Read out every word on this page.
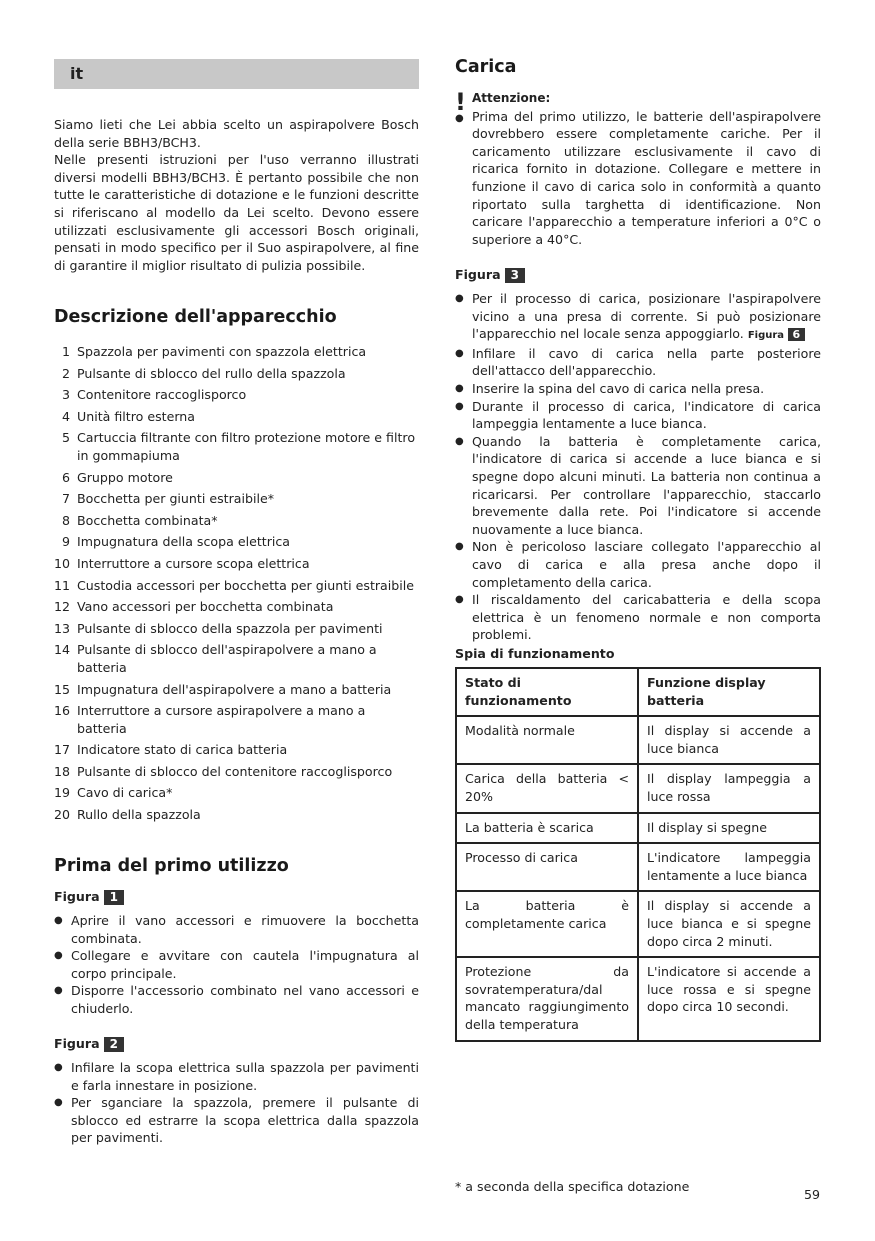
it

Siamo lieti che Lei abbia scelto un aspirapolvere Bosch della serie BBH3/BCH3.

Nelle presenti istruzioni per l'uso verranno illustrati diversi modelli BBH3/BCH3. È pertanto possibile che non tutte le caratteristiche di dotazione e le funzioni descritte si riferiscano al modello da Lei scelto. Devono essere utilizzati esclusivamente gli accessori Bosch originali, pensati in modo specifico per il Suo aspirapolvere, al fine di garantire il miglior risultato di pulizia possibile.

Descrizione dell'apparecchio
1 Spazzola per pavimenti con spazzola elettrica
2 Pulsante di sblocco del rullo della spazzola
3 Contenitore raccoglisporco
4 Unità filtro esterna
5 Cartuccia filtrante con filtro protezione motore e filtro in gommapiuma
6 Gruppo motore
7 Bocchetta per giunti estraibile*
8 Bocchetta combinata*
9 Impugnatura della scopa elettrica
10 Interruttore a cursore scopa elettrica
11 Custodia accessori per bocchetta per giunti estraibile
12 Vano accessori per bocchetta combinata
13 Pulsante di sblocco della spazzola per pavimenti
14 Pulsante di sblocco dell'aspirapolvere a mano a batteria
15 Impugnatura dell'aspirapolvere a mano a batteria
16 Interruttore a cursore aspirapolvere a mano a batteria
17 Indicatore stato di carica batteria
18 Pulsante di sblocco del contenitore raccoglisporco
19 Cavo di carica*
20 Rullo della spazzola
Prima del primo utilizzo
Figura 1
● Aprire il vano accessori e rimuovere la bocchetta combinata.
● Collegare e avvitare con cautela l'impugnatura al corpo principale.
● Disporre l'accessorio combinato nel vano accessori e chiuderlo.
Figura 2
● Infilare la scopa elettrica sulla spazzola per pavimenti e farla innestare in posizione.
● Per sganciare la spazzola, premere il pulsante di sblocco ed estrarre la scopa elettrica dalla spazzola per pavimenti.
Carica
!
●
Attenzione:
Prima del primo utilizzo, le batterie dell'aspirapolvere dovrebbero essere completamente cariche. Per il caricamento utilizzare esclusivamente il cavo di ricarica fornito in dotazione. Collegare e mettere in funzione il cavo di carica solo in conformità a quanto riportato sulla targhetta di identificazione. Non caricare l'apparecchio a temperature inferiori a 0°C o superiore a 40°C.
Figura 3
● Per il processo di carica, posizionare l'aspirapolvere vicino a una presa di corrente. Si può posizionare l'apparecchio nel locale senza appoggiarlo. Figura 6
● Infilare il cavo di carica nella parte posteriore dell'attacco dell'apparecchio.
● Inserire la spina del cavo di carica nella presa.
● Durante il processo di carica, l'indicatore di carica lampeggia lentamente a luce bianca.
● Quando la batteria è completamente carica, l'indicatore di carica si accende a luce bianca e si spegne dopo alcuni minuti. La batteria non continua a ricaricarsi. Per controllare l'apparecchio, staccarlo brevemente dalla rete. Poi l'indicatore si accende nuovamente a luce bianca.
● Non è pericoloso lasciare collegato l'apparecchio al cavo di carica e alla presa anche dopo il completamento della carica.
● Il riscaldamento del caricabatteria e della scopa elettrica è un fenomeno normale e non comporta problemi.
Spia di funzionamento
Stato di funzionamento	Funzione display batteria
Modalità normale	Il display si accende a luce bianca
Carica della batteria < 20%	Il display lampeggia a luce rossa
La batteria è scarica	Il display si spegne
Processo di carica	L'indicatore lampeggia lentamente a luce bianca
La batteria è completamente carica	Il display si accende a luce bianca e si spegne dopo circa 2 minuti.
Protezione da sovratemperatura/dal mancato raggiungimento della temperatura	L'indicatore si accende a luce rossa e si spegne dopo circa 10 secondi.
* a seconda della specifica dotazione
59
